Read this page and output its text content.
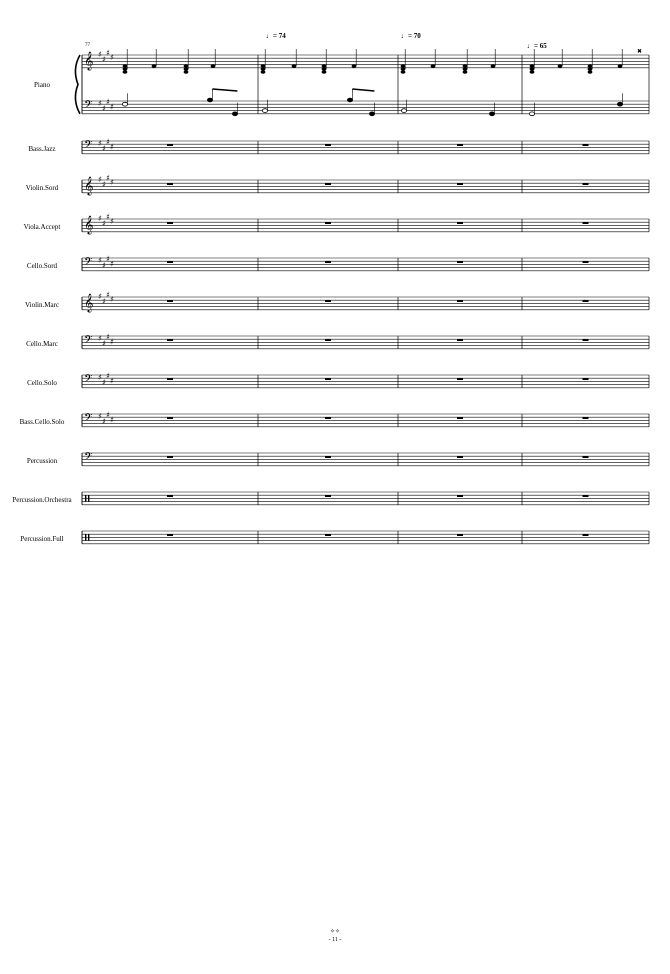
𝄞
𝄢
♯
♯
♯
♯
♯
♯
♯
♯
𝄢 ♯
♯
♯
♯
𝄞 ♯
♯
♯
♯
𝄞 ♯
♯
♯
♯
𝄢 ♯
♯
♯
♯
𝄞 ♯
♯
♯
♯
𝄢 ♯
♯
♯
♯
𝄢 ♯
♯
♯
♯
𝄢 ♯
♯
♯
♯
𝄢
✖
77
♩= 74	♩= 70
♩= 65
Piano
Bass.Jazz
Violin.Sord
Viola.Accept
Cello.Sord
Violin.Marc
Cello.Marc
Cello.Solo
Bass.Cello.Solo
Percussion
Percussion.Orchestra
Percussion.Full
✧✧
- 11 -
